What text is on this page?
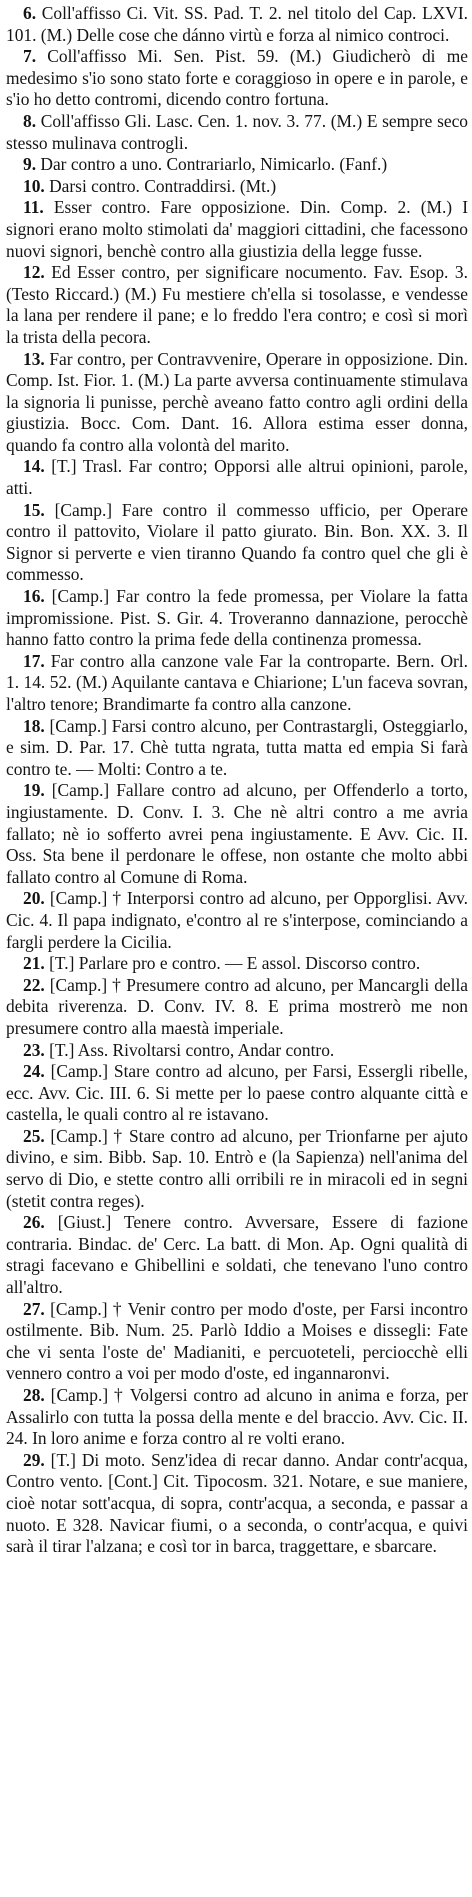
6. Coll'affisso Ci. Vit. SS. Pad. T. 2. nel titolo del Cap. LXVI. 101. (M.) Delle cose che dánno virtù e forza al nimico controci.

7. Coll'affisso Mi. Sen. Pist. 59. (M.) Giudicherò di me medesimo s'io sono stato forte e coraggioso in opere e in parole, e s'io ho detto contromi, dicendo contro fortuna.

8. Coll'affisso Gli. Lasc. Cen. 1. nov. 3. 77. (M.) E sempre seco stesso mulinava controgli.

9. Dar contro a uno. Contrariarlo, Nimicarlo. (Fanf.)

10. Darsi contro. Contraddirsi. (Mt.)

11. Esser contro. Fare opposizione. Din. Comp. 2. (M.) I signori erano molto stimolati da' maggiori cittadini, che facessono nuovi signori, benchè contro alla giustizia della legge fusse.

12. Ed Esser contro, per significare nocumento. Fav. Esop. 3. (Testo Riccard.) (M.) Fu mestiere ch'ella si tosolasse, e vendesse la lana per rendere il pane; e lo freddo l'era contro; e così si morì la trista della pecora.

13. Far contro, per Contravvenire, Operare in opposizione. Din. Comp. Ist. Fior. 1. (M.) La parte avversa continuamente stimulava la signoria li punisse, perchè aveano fatto contro agli ordini della giustizia. Bocc. Com. Dant. 16. Allora estima esser donna, quando fa contro alla volontà del marito.

14. [T.] Trasl. Far contro; Opporsi alle altrui opinioni, parole, atti.

15. [Camp.] Fare contro il commesso ufficio, per Operare contro il pattovito, Violare il patto giurato. Bin. Bon. XX. 3. Il Signor si perverte e vien tiranno Quando fa contro quel che gli è commesso.

16. [Camp.] Far contro la fede promessa, per Violare la fatta impromissione. Pist. S. Gir. 4. Troveranno dannazione, perocchè hanno fatto contro la prima fede della continenza promessa.

17. Far contro alla canzone vale Far la controparte. Bern. Orl. 1. 14. 52. (M.) Aquilante cantava e Chiarione; L'un faceva sovran, l'altro tenore; Brandimarte fa contro alla canzone.

18. [Camp.] Farsi contro alcuno, per Contrastargli, Osteggiarlo, e sim. D. Par. 17. Chè tutta ngrata, tutta matta ed empia Si farà contro te. — Molti: Contro a te.

19. [Camp.] Fallare contro ad alcuno, per Offenderlo a torto, ingiustamente. D. Conv. I. 3. Che nè altri contro a me avria fallato; nè io sofferto avrei pena ingiustamente. E Avv. Cic. II. Oss. Sta bene il perdonare le offese, non ostante che molto abbi fallato contro al Comune di Roma.

20. [Camp.] † Interporsi contro ad alcuno, per Opporglisi. Avv. Cic. 4. Il papa indignato, e'contro al re s'interpose, cominciando a fargli perdere la Cicilia.

21. [T.] Parlare pro e contro. — E assol. Discorso contro.

22. [Camp.] † Presumere contro ad alcuno, per Mancargli della debita riverenza. D. Conv. IV. 8. E prima mostrerò me non presumere contro alla maestà imperiale.

23. [T.] Ass. Rivoltarsi contro, Andar contro.

24. [Camp.] Stare contro ad alcuno, per Farsi, Essergli ribelle, ecc. Avv. Cic. III. 6. Si mette per lo paese contro alquante città e castella, le quali contro al re istavano.

25. [Camp.] † Stare contro ad alcuno, per Trionfarne per ajuto divino, e sim. Bibb. Sap. 10. Entrò e (la Sapienza) nell'anima del servo di Dio, e stette contro alli orribili re in miracoli ed in segni (stetit contra reges).

26. [Giust.] Tenere contro. Avversare, Essere di fazione contraria. Bindac. de' Cerc. La batt. di Mon. Ap. Ogni qualità di stragi facevano e Ghibellini e soldati, che tenevano l'uno contro all'altro.

27. [Camp.] † Venir contro per modo d'oste, per Farsi incontro ostilmente. Bib. Num. 25. Parlò Iddio a Moises e dissegli: Fate che vi senta l'oste de' Madianiti, e percuoteteli, perciocchè elli vennero contro a voi per modo d'oste, ed ingannaronvi.

28. [Camp.] † Volgersi contro ad alcuno in anima e forza, per Assalirlo con tutta la possa della mente e del braccio. Avv. Cic. II. 24. In loro anime e forza contro al re volti erano.

29. [T.] Di moto. Senz'idea di recar danno. Andar contr'acqua, Contro vento. [Cont.] Cit. Tipocosm. 321. Notare, e sue maniere, cioè notar sott'acqua, di sopra, contr'acqua, a seconda, e passar a nuoto. E 328. Navicar fiumi, o a seconda, o contr'acqua, e quivi sarà il tirar l'alzana; e così tor in barca, traggettare, e sbarcare.
